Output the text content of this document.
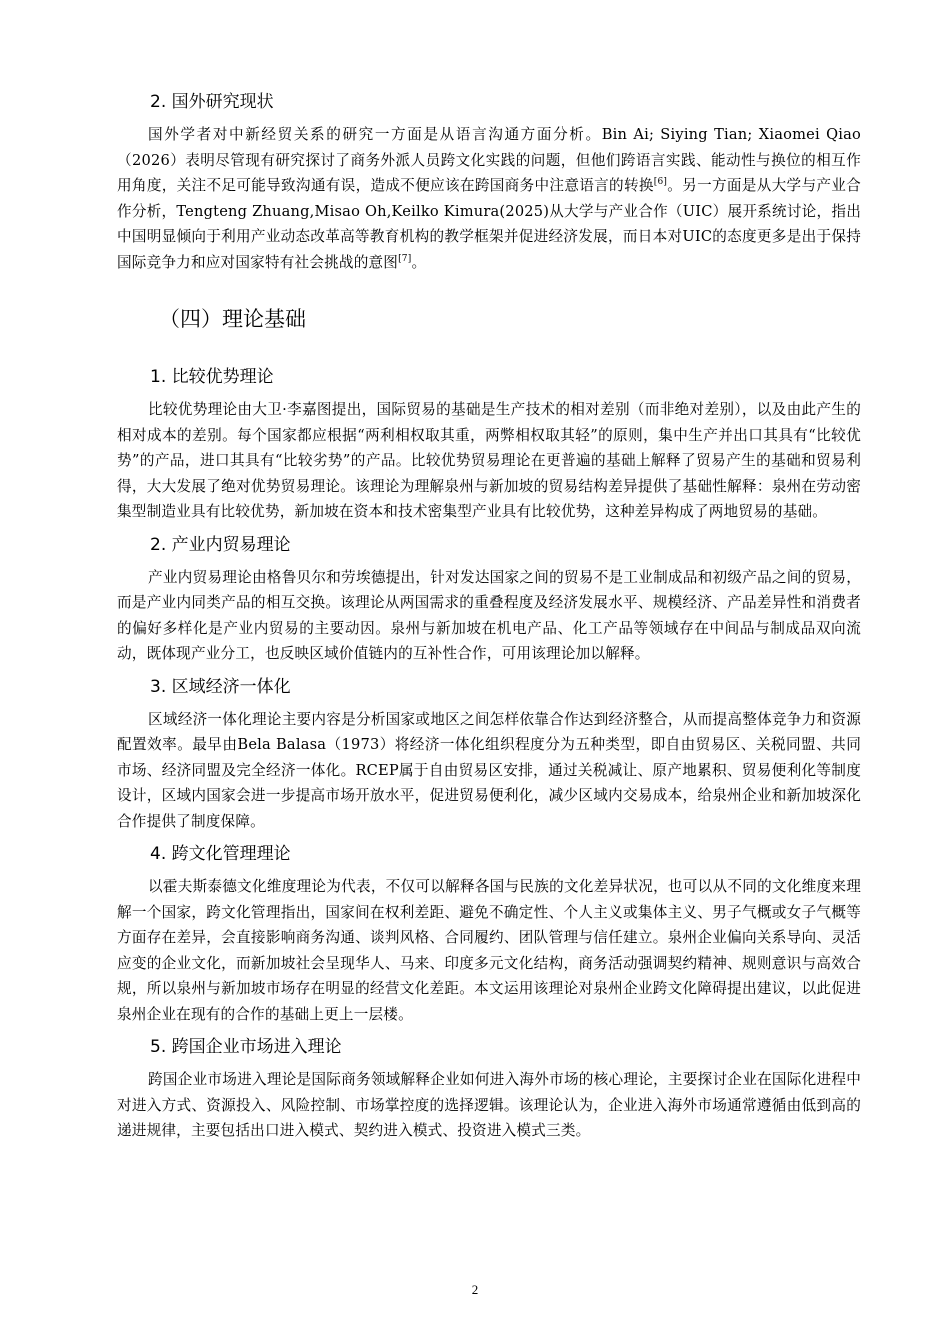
2. 国外研究现状

国外学者对中新经贸关系的研究一方面是从语言沟通方面分析。Bin Ai; Siying Tian; Xiaomei Qiao（2026）表明尽管现有研究探讨了商务外派人员跨文化实践的问题，但他们跨语言实践、能动性与换位的相互作用角度，关注不足可能导致沟通有误，造成不便应该在跨国商务中注意语言的转换[6]。另一方面是从大学与产业合作分析，Tengteng Zhuang,Misao Oh,Keilko Kimura(2025)从大学与产业合作（UIC）展开系统讨论，指出中国明显倾向于利用产业动态改革高等教育机构的教学框架并促进经济发展，而日本对UIC的态度更多是出于保持国际竞争力和应对国家特有社会挑战的意图[7]。

（四）理论基础
1. 比较优势理论

比较优势理论由大卫·李嘉图提出，国际贸易的基础是生产技术的相对差别（而非绝对差别），以及由此产生的相对成本的差别。每个国家都应根据“两利相权取其重，两弊相权取其轻”的原则，集中生产并出口其具有“比较优势”的产品，进口其具有“比较劣势”的产品。比较优势贸易理论在更普遍的基础上解释了贸易产生的基础和贸易利得，大大发展了绝对优势贸易理论。该理论为理解泉州与新加坡的贸易结构差异提供了基础性解释：泉州在劳动密集型制造业具有比较优势，新加坡在资本和技术密集型产业具有比较优势，这种差异构成了两地贸易的基础。

2. 产业内贸易理论

产业内贸易理论由格鲁贝尔和劳埃德提出，针对发达国家之间的贸易不是工业制成品和初级产品之间的贸易，而是产业内同类产品的相互交换。该理论从两国需求的重叠程度及经济发展水平、规模经济、产品差异性和消费者的偏好多样化是产业内贸易的主要动因。泉州与新加坡在机电产品、化工产品等领域存在中间品与制成品双向流动，既体现产业分工，也反映区域价值链内的互补性合作，可用该理论加以解释。

3. 区域经济一体化

区域经济一体化理论主要内容是分析国家或地区之间怎样依靠合作达到经济整合，从而提高整体竞争力和资源配置效率。最早由Bela Balasa（1973）将经济一体化组织程度分为五种类型，即自由贸易区、关税同盟、共同市场、经济同盟及完全经济一体化。RCEP属于自由贸易区安排，通过关税减让、原产地累积、贸易便利化等制度设计，区域内国家会进一步提高市场开放水平，促进贸易便利化，减少区域内交易成本，给泉州企业和新加坡深化合作提供了制度保障。

4. 跨文化管理理论

以霍夫斯泰德文化维度理论为代表，不仅可以解释各国与民族的文化差异状况，也可以从不同的文化维度来理解一个国家，跨文化管理指出，国家间在权利差距、避免不确定性、个人主义或集体主义、男子气概或女子气概等方面存在差异，会直接影响商务沟通、谈判风格、合同履约、团队管理与信任建立。泉州企业偏向关系导向、灵活应变的企业文化，而新加坡社会呈现华人、马来、印度多元文化结构，商务活动强调契约精神、规则意识与高效合规，所以泉州与新加坡市场存在明显的经营文化差距。本文运用该理论对泉州企业跨文化障碍提出建议，以此促进泉州企业在现有的合作的基础上更上一层楼。

5. 跨国企业市场进入理论

跨国企业市场进入理论是国际商务领域解释企业如何进入海外市场的核心理论，主要探讨企业在国际化进程中对进入方式、资源投入、风险控制、市场掌控度的选择逻辑。该理论认为，企业进入海外市场通常遵循由低到高的递进规律，主要包括出口进入模式、契约进入模式、投资进入模式三类。

2
